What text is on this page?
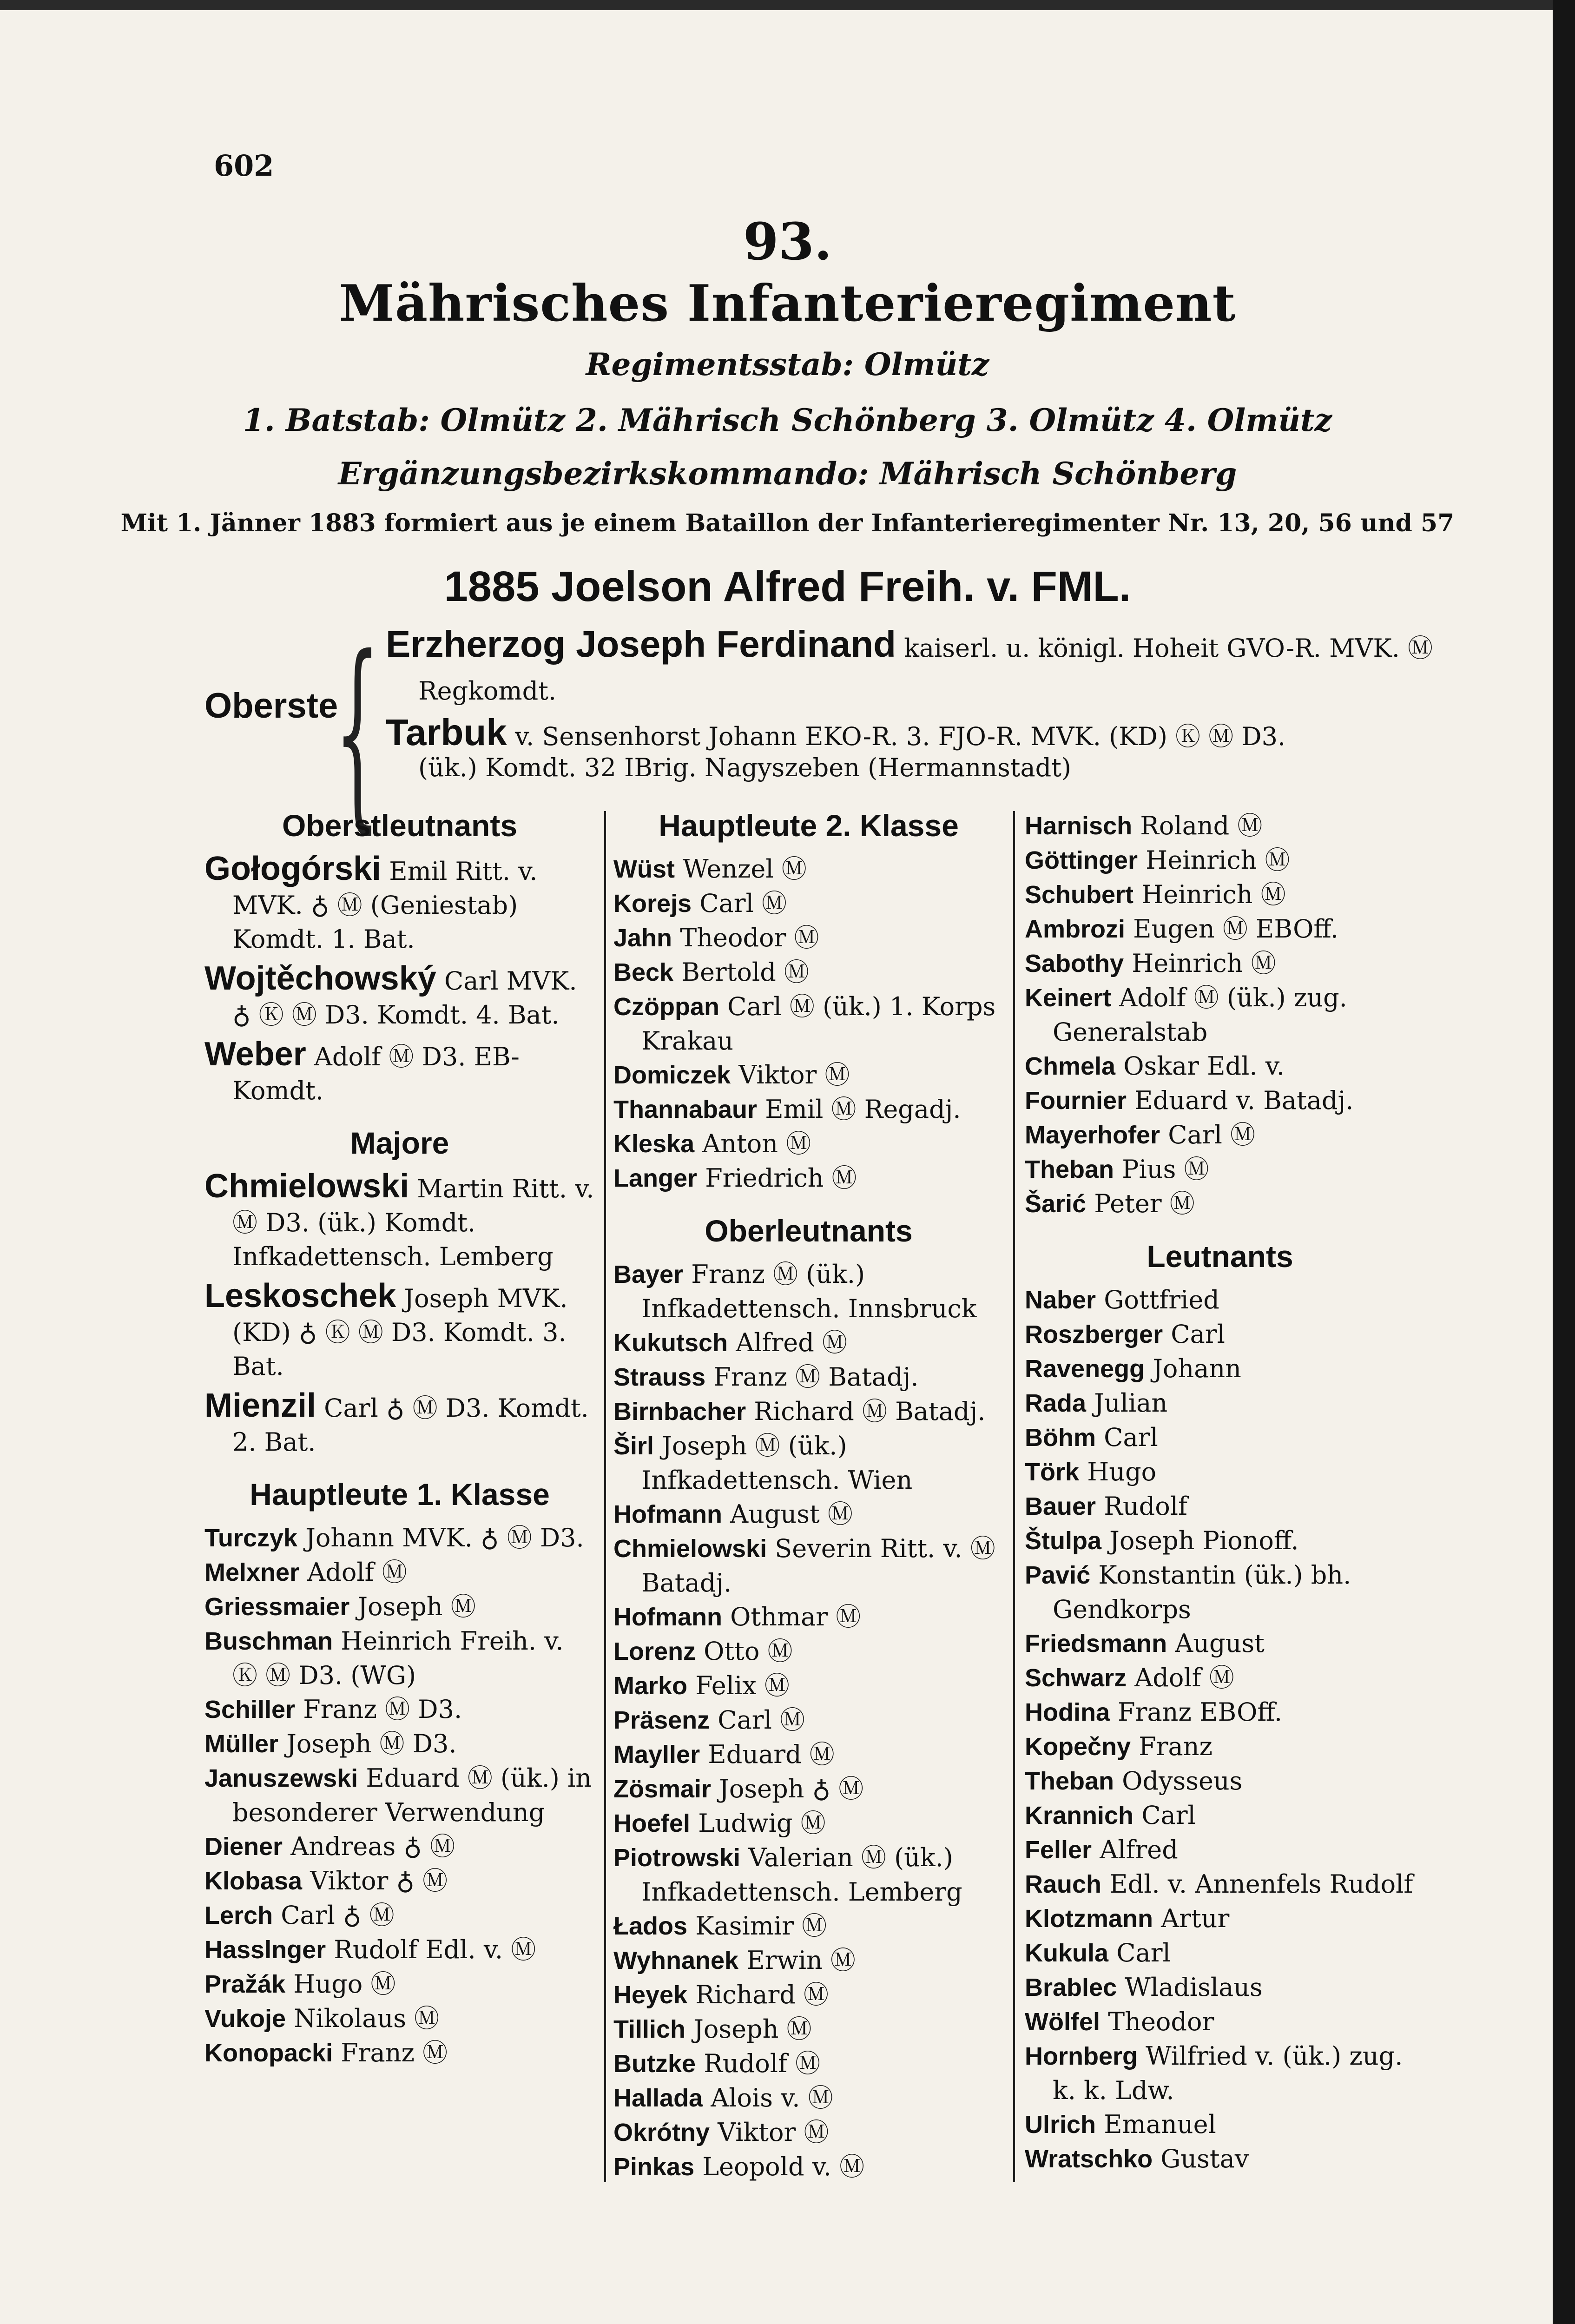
602
93.
Mährisches Infanterieregiment
Regimentsstab: Olmütz
1. Batstab: Olmütz 2. Mährisch Schönberg 3. Olmütz 4. Olmütz
Ergänzungsbezirkskommando: Mährisch Schönberg
Mit 1. Jänner 1883 formiert aus je einem Bataillon der Infanterieregimenter Nr. 13, 20, 56 und 57
1885 Joelson Alfred Freih. v. FML.
Oberste
{ Erzherzog Joseph Ferdinand kaiserl. u. königl. Hoheit GVO-R. MVK. Ⓜ
Regkomdt.
Tarbuk v. Sensenhorst Johann EKO-R. 3. FJO-R. MVK. (KD) Ⓚ Ⓜ D3.
(ük.) Komdt. 32 IBrig. Nagyszeben (Hermannstadt)
Oberstleutnants

Gołogórski Emil Ritt. v. MVK. ♁ Ⓜ (Geniestab) Komdt. 1. Bat.

Wojtěchowský Carl MVK. ♁ Ⓚ Ⓜ D3. Komdt. 4. Bat.

Weber Adolf Ⓜ D3. EB-Komdt.

Majore

Chmielowski Martin Ritt. v. Ⓜ D3. (ük.) Komdt. Infkadettensch. Lemberg

Leskoschek Joseph MVK. (KD) ♁ Ⓚ Ⓜ D3. Komdt. 3. Bat.

Mienzil Carl ♁ Ⓜ D3. Komdt. 2. Bat.

Hauptleute 1. Klasse

Turczyk Johann MVK. ♁ Ⓜ D3.

Melxner Adolf Ⓜ

Griessmaier Joseph Ⓜ

Buschman Heinrich Freih. v. Ⓚ Ⓜ D3. (WG)

Schiller Franz Ⓜ D3.

Müller Joseph Ⓜ D3.

Januszewski Eduard Ⓜ (ük.) in besonderer Verwendung

Diener Andreas ♁ Ⓜ

Klobasa Viktor ♁ Ⓜ

Lerch Carl ♁ Ⓜ

Hasslnger Rudolf Edl. v. Ⓜ

Pražák Hugo Ⓜ

Vukoje Nikolaus Ⓜ

Konopacki Franz Ⓜ

Hauptleute 2. Klasse

Wüst Wenzel Ⓜ

Korejs Carl Ⓜ

Jahn Theodor Ⓜ

Beck Bertold Ⓜ

Czöppan Carl Ⓜ (ük.) 1. Korps Krakau

Domiczek Viktor Ⓜ

Thannabaur Emil Ⓜ Regadj.

Kleska Anton Ⓜ

Langer Friedrich Ⓜ

Oberleutnants

Bayer Franz Ⓜ (ük.) Infkadettensch. Innsbruck

Kukutsch Alfred Ⓜ

Strauss Franz Ⓜ Batadj.

Birnbacher Richard Ⓜ Batadj.

Širl Joseph Ⓜ (ük.) Infkadettensch. Wien

Hofmann August Ⓜ

Chmielowski Severin Ritt. v. Ⓜ Batadj.

Hofmann Othmar Ⓜ

Lorenz Otto Ⓜ

Marko Felix Ⓜ

Präsenz Carl Ⓜ

Mayller Eduard Ⓜ

Zösmair Joseph ♁ Ⓜ

Hoefel Ludwig Ⓜ

Piotrowski Valerian Ⓜ (ük.) Infkadettensch. Lemberg

Łados Kasimir Ⓜ

Wyhnanek Erwin Ⓜ

Heyek Richard Ⓜ

Tillich Joseph Ⓜ

Butzke Rudolf Ⓜ

Hallada Alois v. Ⓜ

Okrótny Viktor Ⓜ

Pinkas Leopold v. Ⓜ

Harnisch Roland Ⓜ

Göttinger Heinrich Ⓜ

Schubert Heinrich Ⓜ

Ambrozi Eugen Ⓜ EBOff.

Sabothy Heinrich Ⓜ

Keinert Adolf Ⓜ (ük.) zug. Generalstab

Chmela Oskar Edl. v.

Fournier Eduard v. Batadj.

Mayerhofer Carl Ⓜ

Theban Pius Ⓜ

Šarić Peter Ⓜ

Leutnants

Naber Gottfried

Roszberger Carl

Ravenegg Johann

Rada Julian

Böhm Carl

Törk Hugo

Bauer Rudolf

Štulpa Joseph Pionoff.

Pavić Konstantin (ük.) bh. Gendkorps

Friedsmann August

Schwarz Adolf Ⓜ

Hodina Franz EBOff.

Kopečny Franz

Theban Odysseus

Krannich Carl

Feller Alfred

Rauch Edl. v. Annenfels Rudolf

Klotzmann Artur

Kukula Carl

Brablec Wladislaus

Wölfel Theodor

Hornberg Wilfried v. (ük.) zug. k. k. Ldw.

Ulrich Emanuel

Wratschko Gustav
